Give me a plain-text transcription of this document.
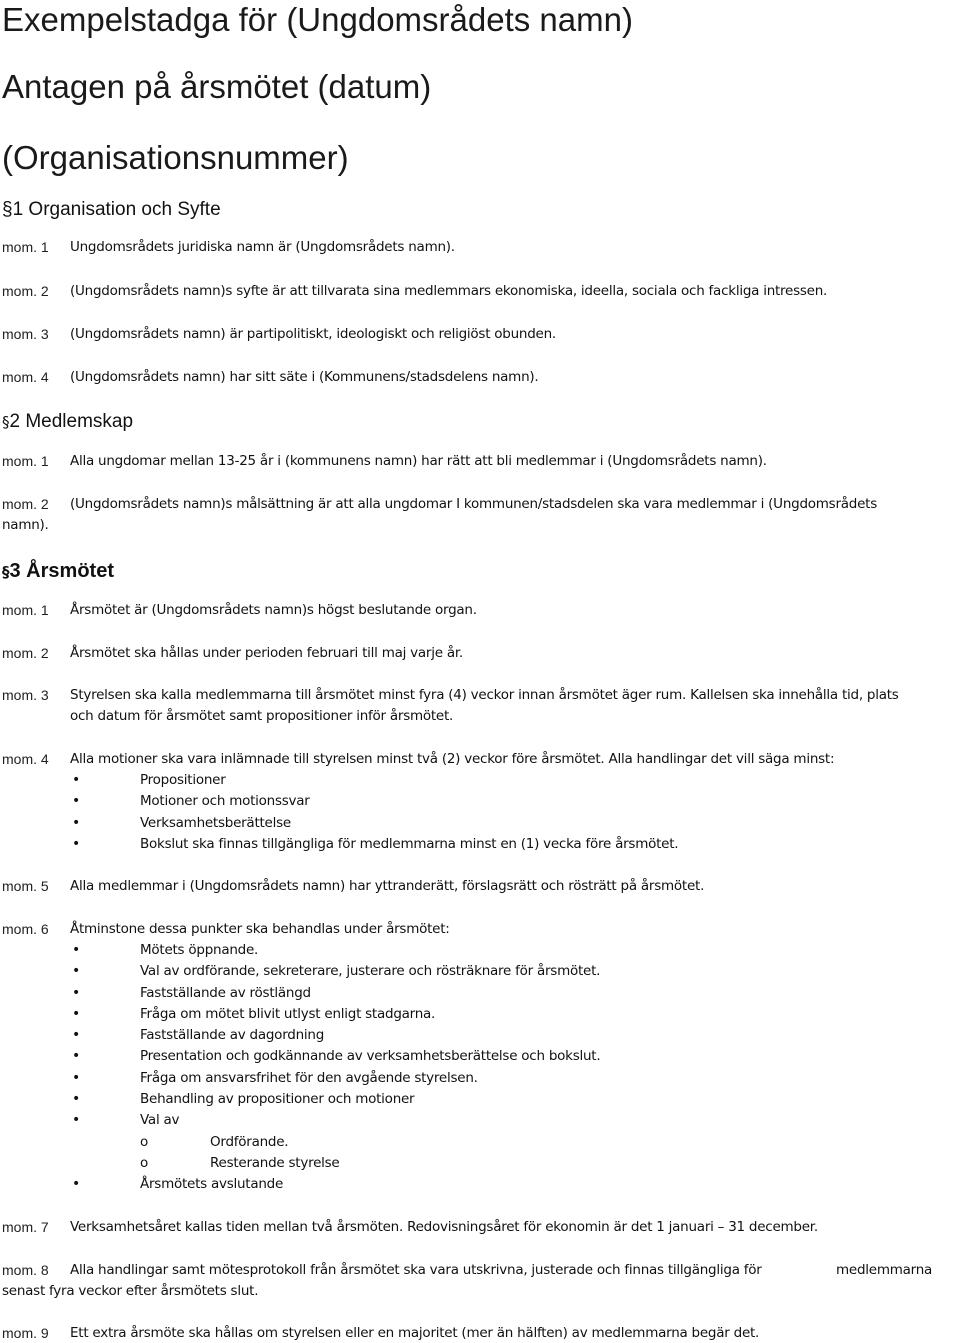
Exempelstadga för (Ungdomsrådets namn)
Antagen på årsmötet (datum)
(Organisationsnummer)
§1 Organisation och Syfte
mom. 1 Ungdomsrådets juridiska namn är (Ungdomsrådets namn).
mom. 2 (Ungdomsrådets namn)s syfte är att tillvarata sina medlemmars ekonomiska, ideella, sociala och fackliga intressen.
mom. 3 (Ungdomsrådets namn) är partipolitiskt, ideologiskt och religiöst obunden.
mom. 4 (Ungdomsrådets namn) har sitt säte i (Kommunens/stadsdelens namn).
§2 Medlemskap
mom. 1 Alla ungdomar mellan 13-25 år i (kommunens namn) har rätt att bli medlemmar i (Ungdomsrådets namn).
mom. 2 (Ungdomsrådets namn)s målsättning är att alla ungdomar I kommunen/stadsdelen ska vara medlemmar i (Ungdomsrådets
namn).
§3 Årsmötet
mom. 1 Årsmötet är (Ungdomsrådets namn)s högst beslutande organ.
mom. 2 Årsmötet ska hållas under perioden februari till maj varje år.
mom. 3 Styrelsen ska kalla medlemmarna till årsmötet minst fyra (4) veckor innan årsmötet äger rum. Kallelsen ska innehålla tid, plats
och datum för årsmötet samt propositioner inför årsmötet.
mom. 4 Alla motioner ska vara inlämnade till styrelsen minst två (2) veckor före årsmötet. Alla handlingar det vill säga minst:
•	Propositioner
•	Motioner och motionssvar
•	Verksamhetsberättelse
•	Bokslut ska finnas tillgängliga för medlemmarna minst en (1) vecka före årsmötet.
mom. 5 Alla medlemmar i (Ungdomsrådets namn) har yttranderätt, förslagsrätt och rösträtt på årsmötet.
mom. 6 Åtminstone dessa punkter ska behandlas under årsmötet:
•	Mötets öppnande.
•	Val av ordförande, sekreterare, justerare och rösträknare för årsmötet.
•	Fastställande av röstlängd
•	Fråga om mötet blivit utlyst enligt stadgarna.
•	Fastställande av dagordning
•	Presentation och godkännande av verksamhetsberättelse och bokslut.
•	Fråga om ansvarsfrihet för den avgående styrelsen.
•	Behandling av propositioner och motioner
•	Val av
o	Ordförande.
o	Resterande styrelse
•	Årsmötets avslutande
mom. 7 Verksamhetsåret kallas tiden mellan två årsmöten. Redovisningsåret för ekonomin är det 1 januari – 31 december.
mom. 8 Alla handlingar samt mötesprotokoll från årsmötet ska vara utskrivna, justerade och finnas tillgängliga för	medlemmarna
senast fyra veckor efter årsmötets slut.
mom. 9 Ett extra årsmöte ska hållas om styrelsen eller en majoritet (mer än hälften) av medlemmarna begär det.
